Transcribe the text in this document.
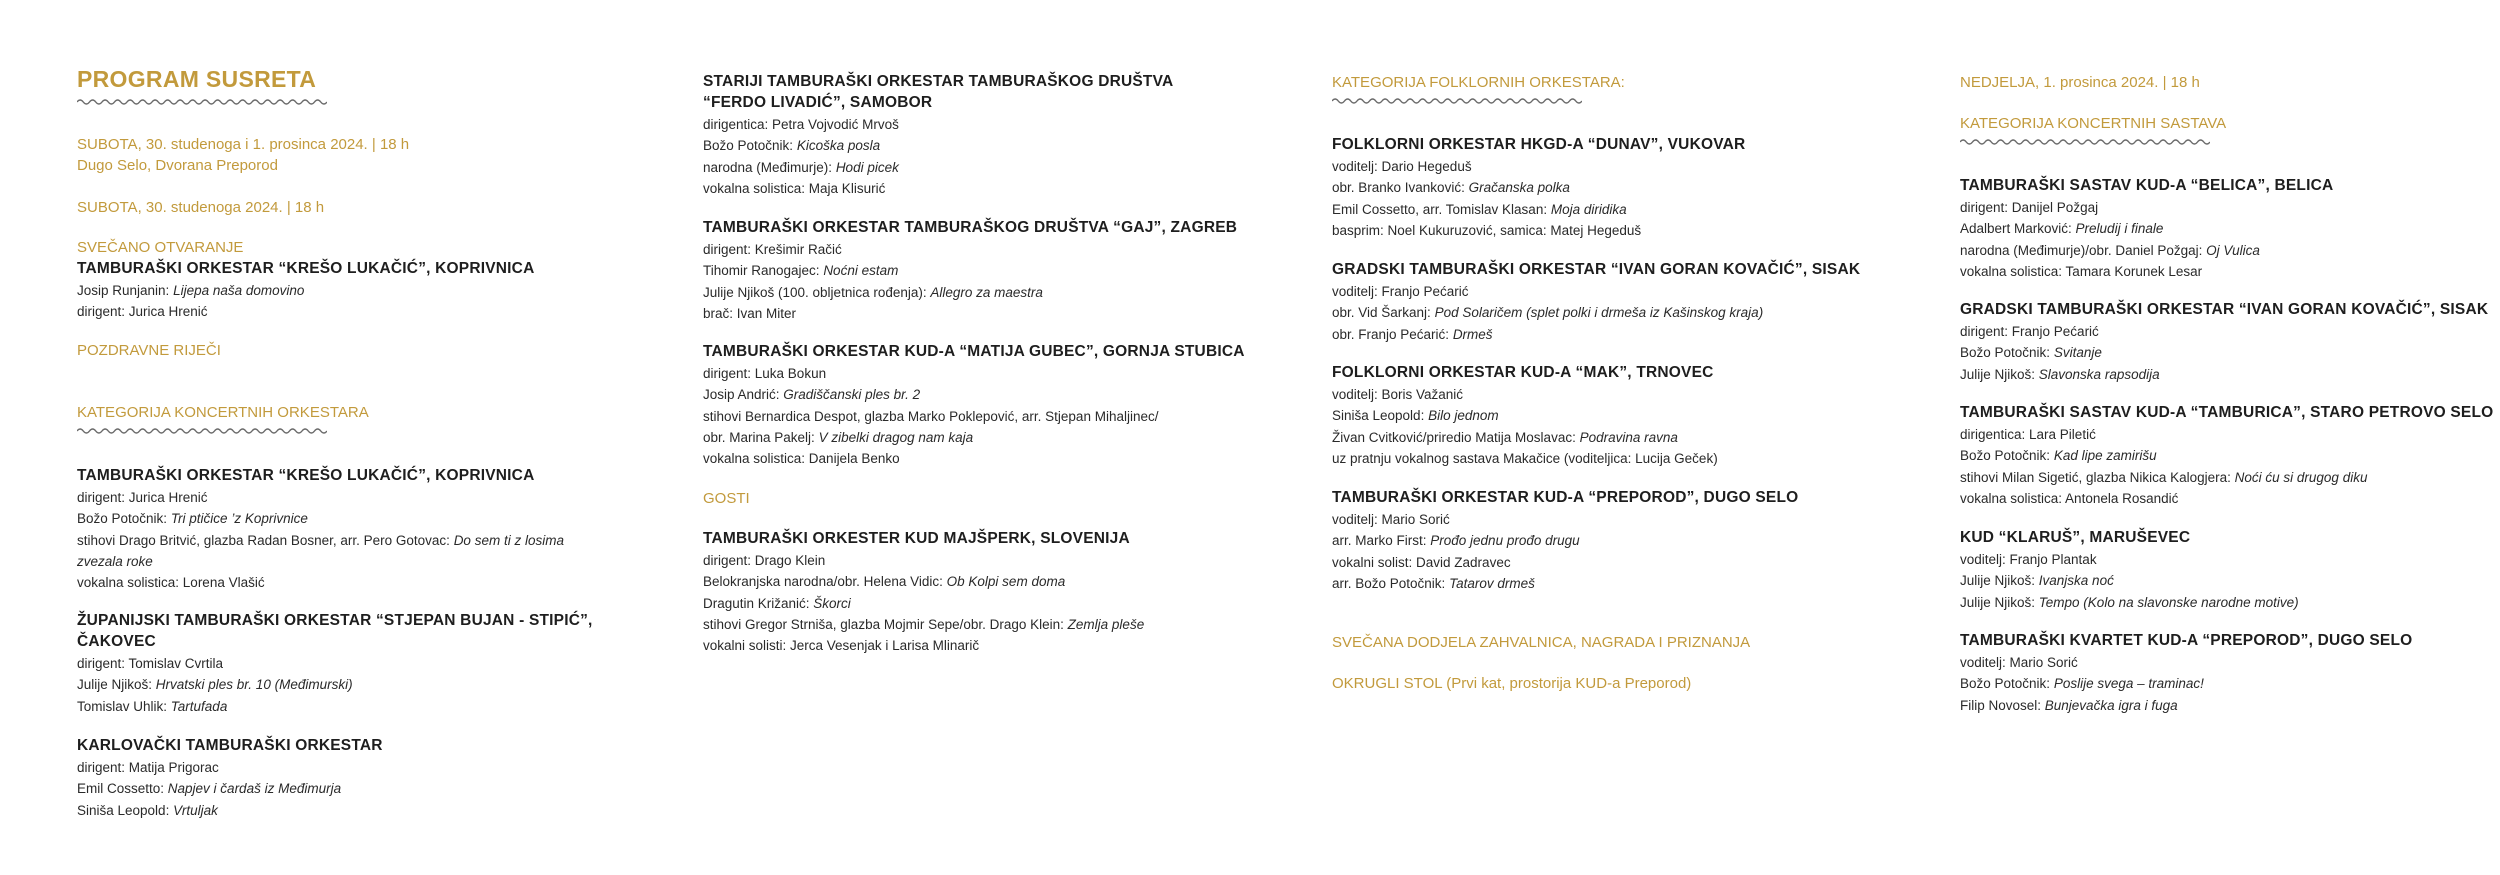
PROGRAM SUSRETA
SUBOTA, 30. studenoga i 1. prosinca 2024. | 18 h
Dugo Selo, Dvorana Preporod
SUBOTA, 30. studenoga 2024. | 18 h
SVEČANO OTVARANJE
TAMBURAŠKI ORKESTAR “KREŠO LUKAČIĆ”, KOPRIVNICA
Josip Runjanin: Lijepa naša domovino
dirigent: Jurica Hrenić
POZDRAVNE RIJEČI
KATEGORIJA KONCERTNIH ORKESTARA
TAMBURAŠKI ORKESTAR “KREŠO LUKAČIĆ”, KOPRIVNICA
dirigent: Jurica Hrenić
Božo Potočnik: Tri ptičice ’z Koprivnice
stihovi Drago Britvić, glazba Radan Bosner, arr. Pero Gotovac: Do sem ti z losima
zvezala roke
vokalna solistica: Lorena Vlašić
ŽUPANIJSKI TAMBURAŠKI ORKESTAR “STJEPAN BUJAN - STIPIĆ”,
ČAKOVEC
dirigent: Tomislav Cvrtila
Julije Njikoš: Hrvatski ples br. 10 (Međimurski)
Tomislav Uhlik: Tartufada
KARLOVAČKI TAMBURAŠKI ORKESTAR
dirigent: Matija Prigorac
Emil Cossetto: Napjev i čardaš iz Međimurja
Siniša Leopold: Vrtuljak
STARIJI TAMBURAŠKI ORKESTAR TAMBURAŠKOG DRUŠTVA
“FERDO LIVADIĆ”, SAMOBOR
dirigentica: Petra Vojvodić Mrvoš
Božo Potočnik: Kicoška posla
narodna (Međimurje): Hodi picek
vokalna solistica: Maja Klisurić
TAMBURAŠKI ORKESTAR TAMBURAŠKOG DRUŠTVA “GAJ”, ZAGREB
dirigent: Krešimir Račić
Tihomir Ranogajec: Noćni estam
Julije Njikoš (100. obljetnica rođenja): Allegro za maestra
brač: Ivan Miter
TAMBURAŠKI ORKESTAR KUD-A “MATIJA GUBEC”, GORNJA STUBICA
dirigent: Luka Bokun
Josip Andrić: Gradiščanski ples br. 2
stihovi Bernardica Despot, glazba Marko Poklepović, arr. Stjepan Mihaljinec/
obr. Marina Pakelj: V zibelki dragog nam kaja
vokalna solistica: Danijela Benko
GOSTI
TAMBURAŠKI ORKESTER KUD MAJŠPERK, SLOVENIJA
dirigent: Drago Klein
Belokranjska narodna/obr. Helena Vidic: Ob Kolpi sem doma
Dragutin Križanić: Škorci
stihovi Gregor Strniša, glazba Mojmir Sepe/obr. Drago Klein: Zemlja pleše
vokalni solisti: Jerca Vesenjak i Larisa Mlinarič
KATEGORIJA FOLKLORNIH ORKESTARA:
FOLKLORNI ORKESTAR HKGD-A “DUNAV”, VUKOVAR
voditelj: Dario Hegeduš
obr. Branko Ivanković: Gračanska polka
Emil Cossetto, arr. Tomislav Klasan: Moja diridika
basprim: Noel Kukuruzović, samica: Matej Hegeduš
GRADSKI TAMBURAŠKI ORKESTAR “IVAN GORAN KOVAČIĆ”, SISAK
voditelj: Franjo Pećarić
obr. Vid Šarkanj: Pod Solaričem (splet polki i drmeša iz Kašinskog kraja)
obr. Franjo Pećarić: Drmeš
FOLKLORNI ORKESTAR KUD-A “MAK”, TRNOVEC
voditelj: Boris Važanić
Siniša Leopold: Bilo jednom
Živan Cvitković/priredio Matija Moslavac: Podravina ravna
uz pratnju vokalnog sastava Makačice (voditeljica: Lucija Geček)
TAMBURAŠKI ORKESTAR KUD-A “PREPOROD”, DUGO SELO
voditelj: Mario Sorić
arr. Marko First: Prođo jednu prođo drugu
vokalni solist: David Zadravec
arr. Božo Potočnik: Tatarov drmeš
SVEČANA DODJELA ZAHVALNICA, NAGRADA I PRIZNANJA
OKRUGLI STOL (Prvi kat, prostorija KUD-a Preporod)
NEDJELJA, 1. prosinca 2024. | 18 h
KATEGORIJA KONCERTNIH SASTAVA
TAMBURAŠKI SASTAV KUD-A “BELICA”, BELICA
dirigent: Danijel Požgaj
Adalbert Marković: Preludij i finale
narodna (Međimurje)/obr. Daniel Požgaj: Oj Vulica
vokalna solistica: Tamara Korunek Lesar
GRADSKI TAMBURAŠKI ORKESTAR “IVAN GORAN KOVAČIĆ”, SISAK
dirigent: Franjo Pećarić
Božo Potočnik: Svitanje
Julije Njikoš: Slavonska rapsodija
TAMBURAŠKI SASTAV KUD-A “TAMBURICA”, STARO PETROVO SELO
dirigentica: Lara Piletić
Božo Potočnik: Kad lipe zamirišu
stihovi Milan Sigetić, glazba Nikica Kalogjera: Noći ću si drugog diku
vokalna solistica: Antonela Rosandić
KUD “KLARUŠ”, MARUŠEVEC
voditelj: Franjo Plantak
Julije Njikoš: Ivanjska noć
Julije Njikoš: Tempo (Kolo na slavonske narodne motive)
TAMBURAŠKI KVARTET KUD-A “PREPOROD”, DUGO SELO
voditelj: Mario Sorić
Božo Potočnik: Poslije svega – traminac!
Filip Novosel: Bunjevačka igra i fuga
